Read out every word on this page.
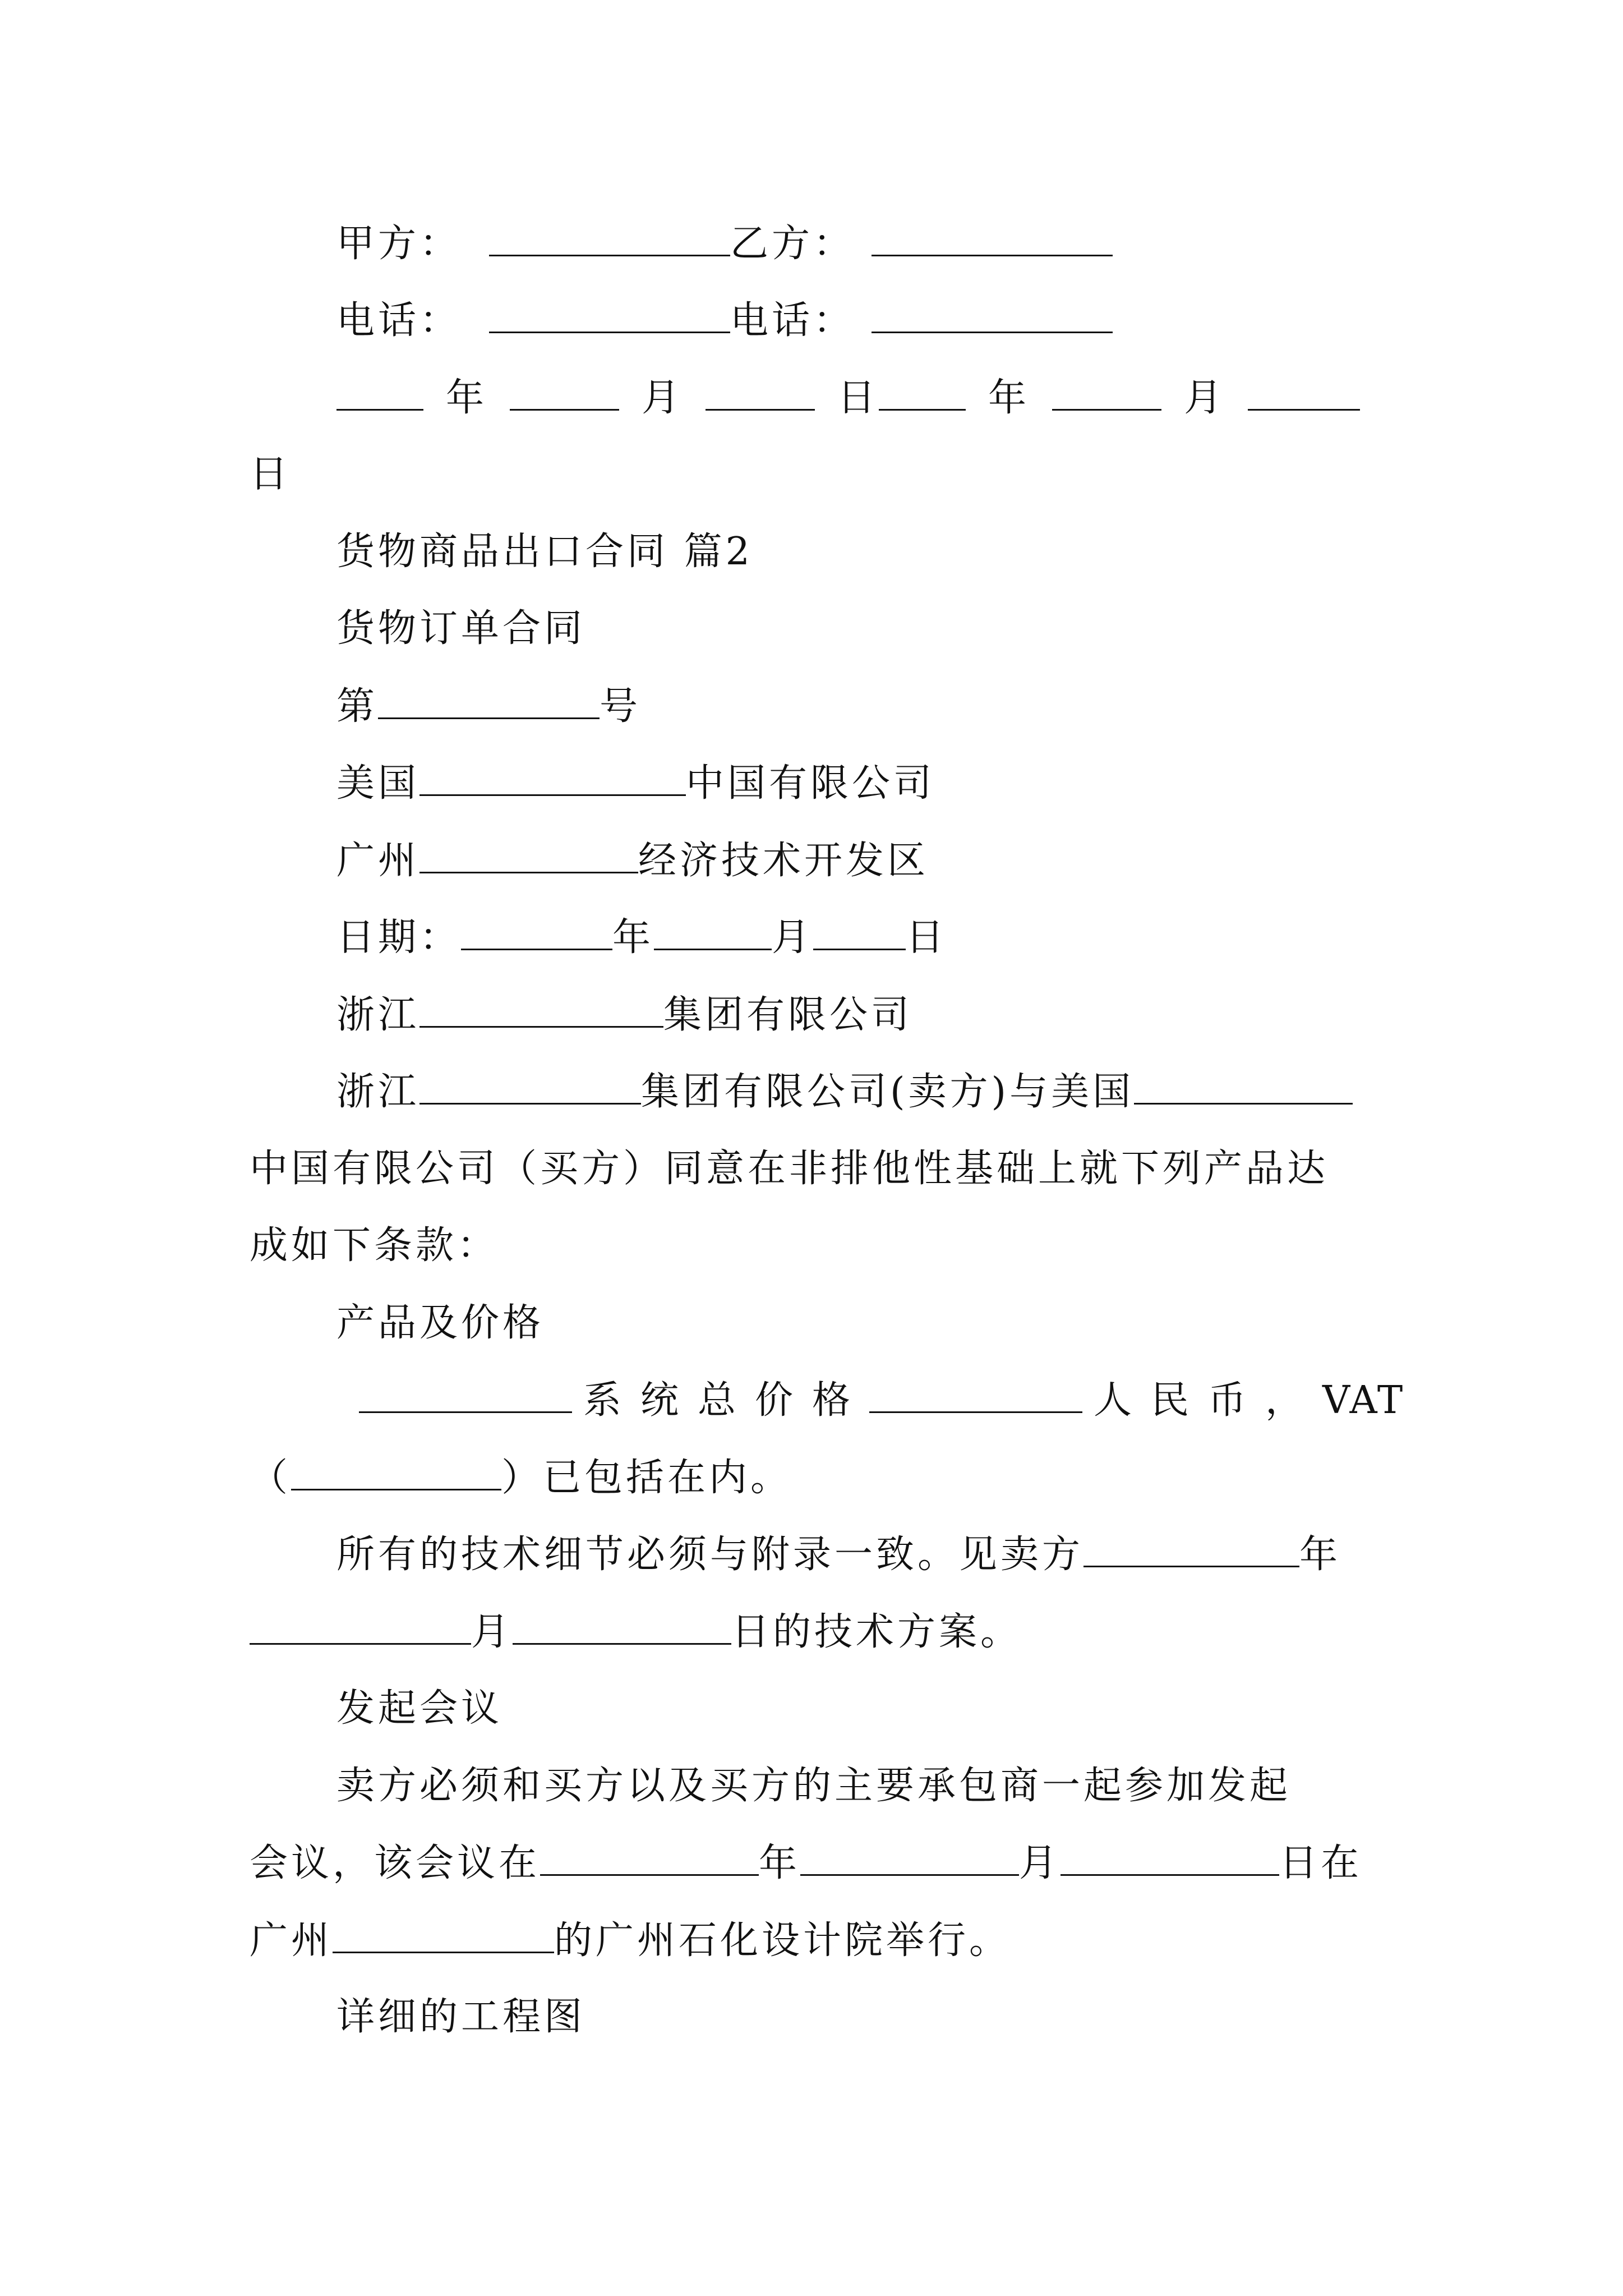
甲方：	乙方：
电话：	电话：
年	月	日	年	月
日
货物商品出口合同 篇2
货物订单合同
第	号
美国	中国有限公司
广州	经济技术开发区
日期：	年	月 日
浙江	集团有限公司
浙江	集团有限公司(卖方)与美国
中国有限公司（买方）同意在非排他性基础上就下列产品达
成如下条款：
产品及价格
系统总价格	人民币，VAT
（	）已包括在内。
所有的技术细节必须与附录一致。见卖方	年
月	日的技术方案。
发起会议
卖方必须和买方以及买方的主要承包商一起参加发起
会议，该会议在	年	月	日在
广州	的广州石化设计院举行。
详细的工程图
